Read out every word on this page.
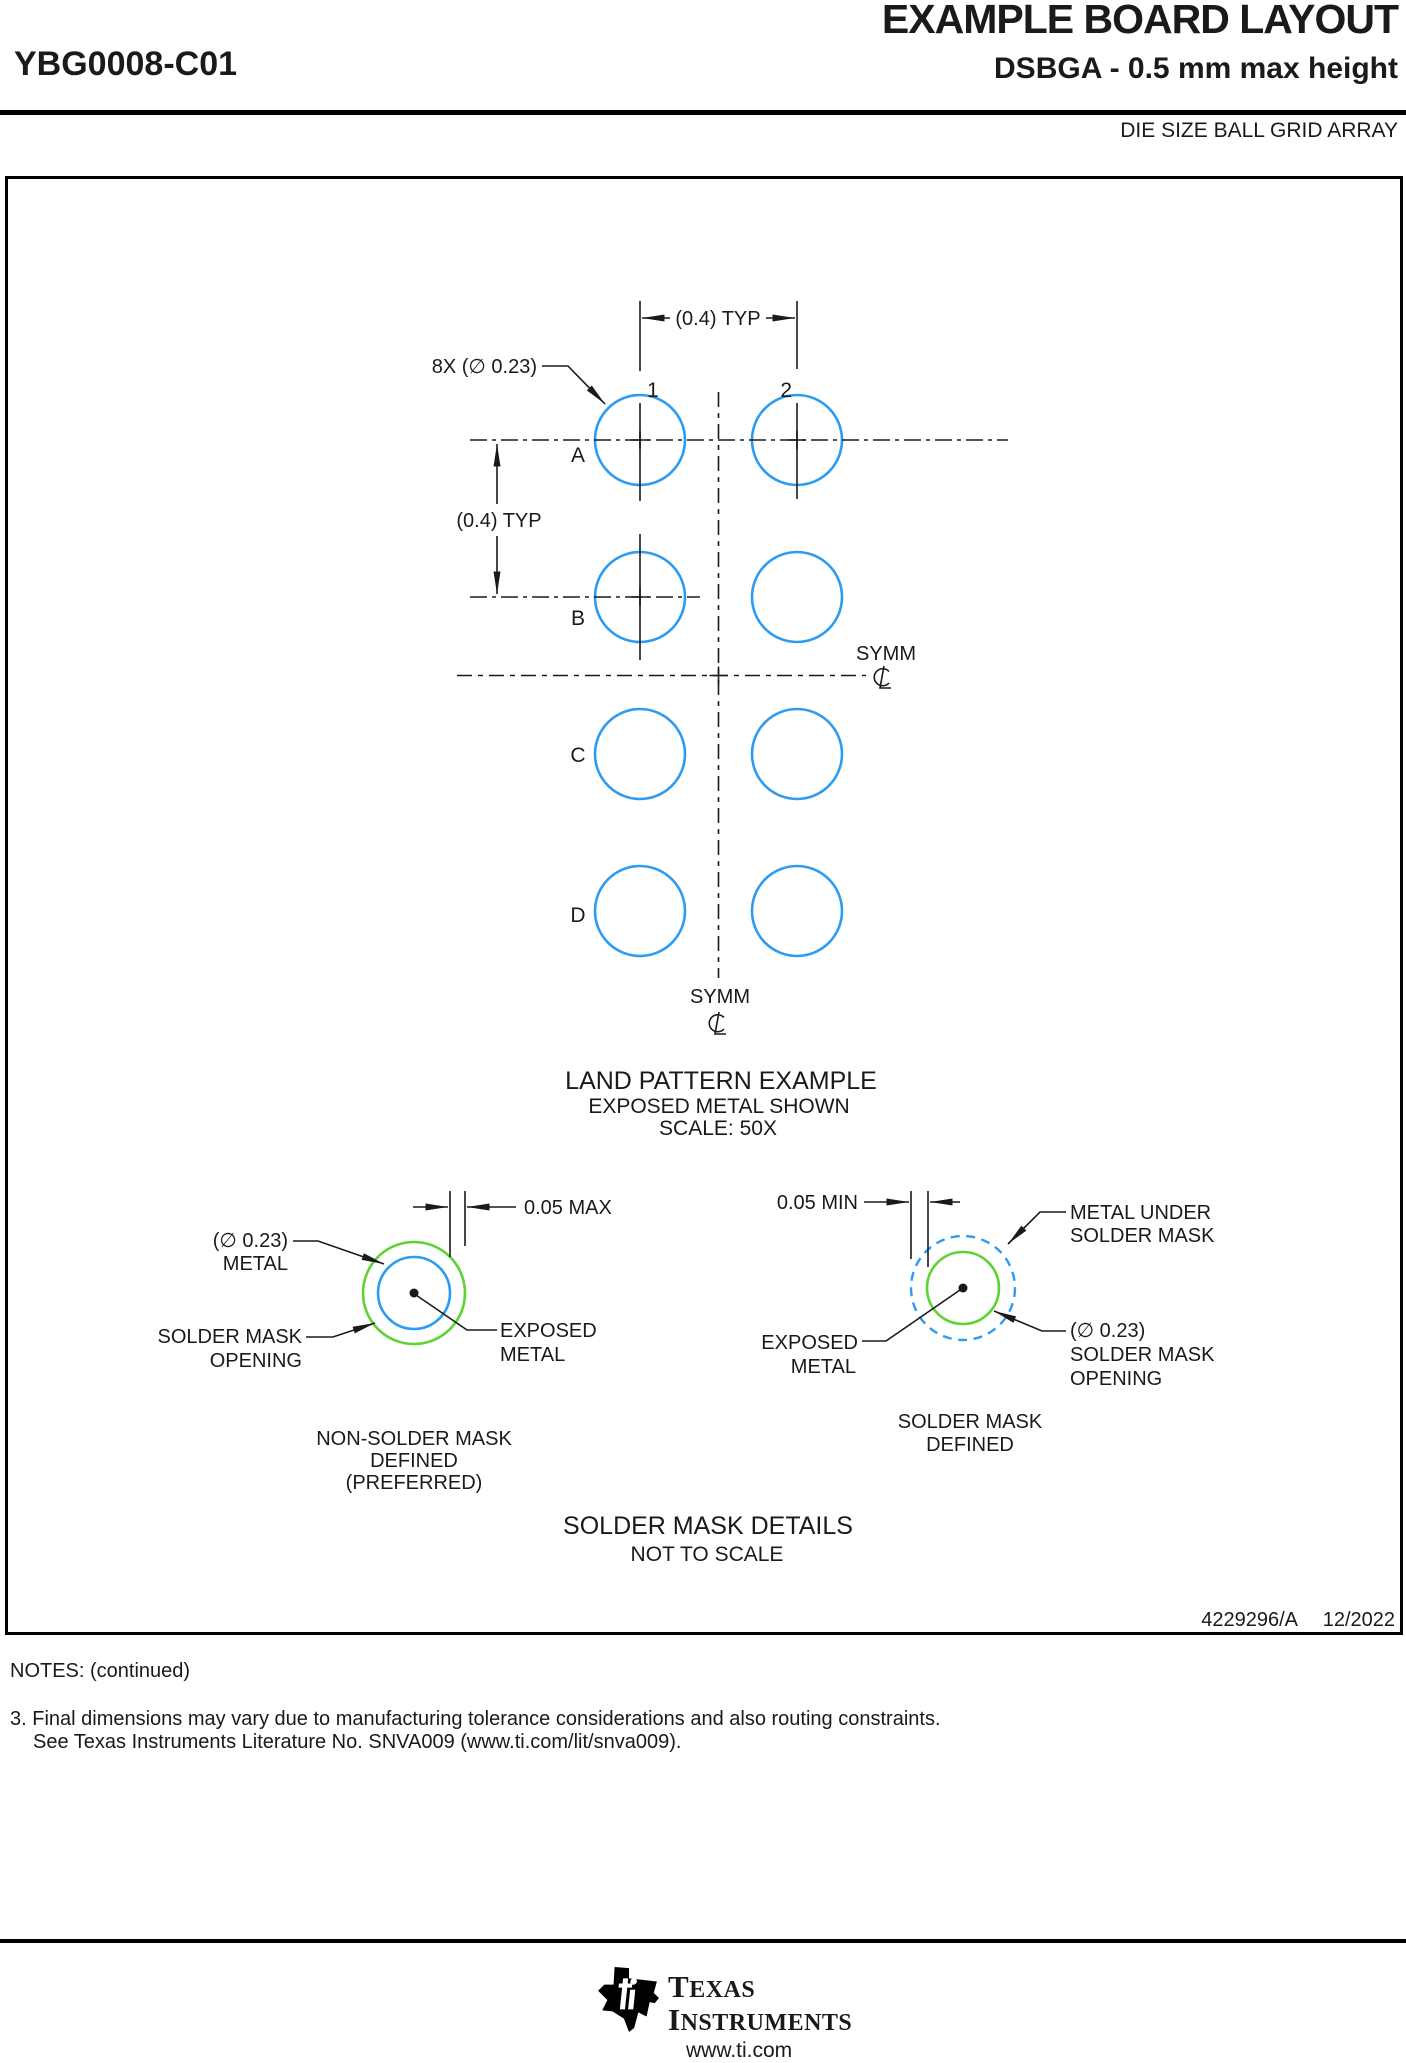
EXAMPLE BOARD LAYOUT
YBG0008-C01	DSBGA - 0.5 mm max height
DIE SIZE BALL GRID ARRAY
(0.4) TYP
(0.4) TYP
8X (∅ 0.23)
1	2
A
B
C
D
SYMM
SYMM
LAND PATTERN EXAMPLE
EXPOSED METAL SHOWN
SCALE: 50X
0.05 MAX
(∅ 0.23)
METAL
SOLDER MASK
OPENING
EXPOSED
METAL
NON-SOLDER MASK
DEFINED
(PREFERRED)
0.05 MIN	METAL UNDER
SOLDER MASK
(∅ 0.23)
SOLDER MASK
OPENING
EXPOSED
METAL
SOLDER MASK
DEFINED
SOLDER MASK DETAILS
NOT TO SCALE
4229296/A 12/2022
NOTES: (continued)
3. Final dimensions may vary due to manufacturing tolerance considerations and also routing constraints.
See Texas Instruments Literature No. SNVA009 (www.ti.com/lit/snva009).
TEXAS
INSTRUMENTS
www.ti.com
